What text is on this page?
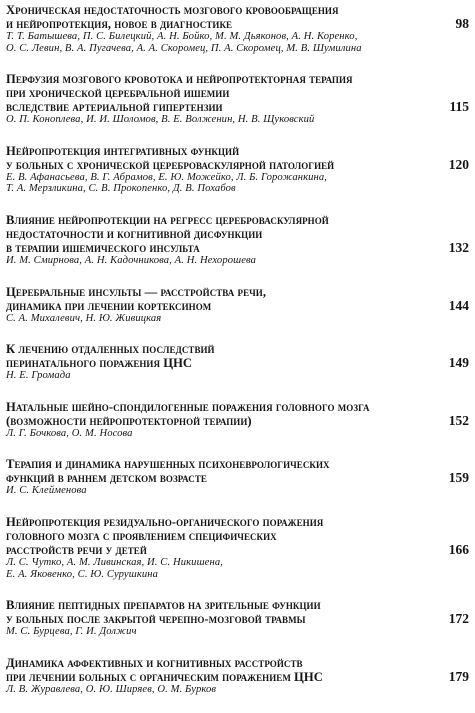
Хроническая недостаточность мозгового кровообращения
и нейропротекция, новое в диагностике	98
Т. Т. Батышева, П. С. Билецкий, А. Н. Бойко, М. М. Дьяконов, А. Н. Коренко,
О. С. Левин, В. А. Пугачева, А. А. Скоромец, П. А. Скоромец, М. В. Шумилина
Перфузия мозгового кровотока и нейропротекторная терапия
при хронической церебральной ишемии
вследствие артериальной гипертензии	115
О. П. Коноплева, И. И. Шоломов, В. Е. Волженин, Н. В. Щуковский
Нейропротекция интегративных функций
у больных с хронической цереброваскулярной патологией	120
Е. В. Афанасьева, В. Г. Абрамов, Е. Ю. Можейко, Л. Б. Горожанкина,
Т. А. Мерзликина, С. В. Прокопенко, Д. В. Похабов
Влияние нейропротекции на регресс цереброваскулярной
недостаточности и когнитивной дисфункции
в терапии ишемического инсульта	132
И. М. Смирнова, А. Н. Кадочникова, А. Н. Нехорошева
Церебральные инсульты — расстройства речи,
динамика при лечении кортексином	144
С. А. Михалевич, Н. Ю. Живицкая
К лечению отдаленных последствий
перинатального поражения ЦНС	149
Н. Е. Громада
Натальные шейно-спондилогенные поражения головного мозга
(возможности нейропротекторной терапии)	152
Л. Г. Бочкова, О. М. Носова
Терапия и динамика нарушенных психоневрологических
функций в раннем детском возрасте	159
И. С. Клейменова
Нейропротекция резидуально-органического поражения
головного мозга с проявлением специфических
расстройств речи у детей	166
Л. С. Чутко, А. М. Ливинская, И. С. Никишена,
Е. А. Яковенко, С. Ю. Сурушкина
Влияние пептидных препаратов на зрительные функции
у больных после закрытой черепно-мозговой травмы	172
М. С. Бурцева, Г. И. Должич
Динамика аффективных и когнитивных расстройств
при лечении больных с органическим поражением ЦНС	179
Л. В. Журавлева, О. Ю. Ширяев, О. М. Бурков
